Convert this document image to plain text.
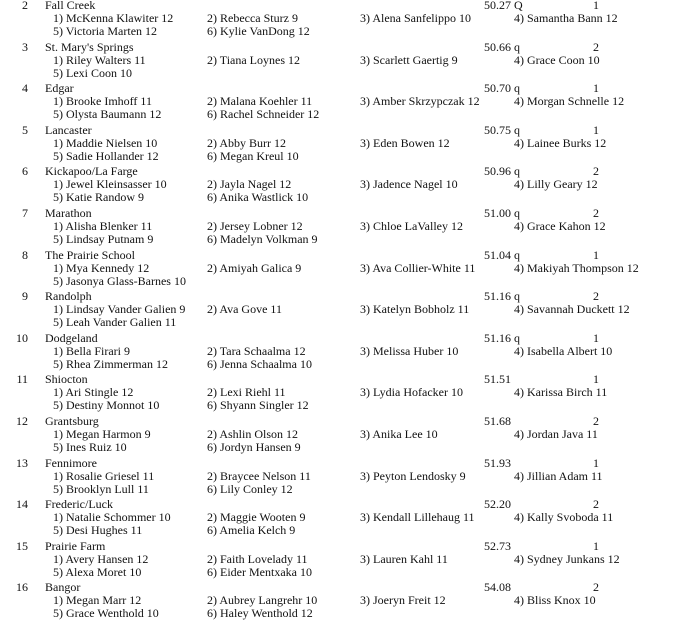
2 Fall Creek	50.27 Q	1
1) McKenna Klawiter 12	2) Rebecca Sturz 9	3) Alena Sanfelippo 10	4) Samantha Bann 12
5) Victoria Marten 12	6) Kylie VanDong 12
3 St. Mary's Springs	50.66 q	2
1) Riley Walters 11	2) Tiana Loynes 12	3) Scarlett Gaertig 9	4) Grace Coon 10
5) Lexi Coon 10
4 Edgar	50.70 q	1
1) Brooke Imhoff 11	2) Malana Koehler 11	3) Amber Skrzypczak 12	4) Morgan Schnelle 12
5) Olysta Baumann 12	6) Rachel Schneider 12
5 Lancaster	50.75 q	1
1) Maddie Nielsen 10	2) Abby Burr 12	3) Eden Bowen 12	4) Lainee Burks 12
5) Sadie Hollander 12	6) Megan Kreul 10
6 Kickapoo/La Farge	50.96 q	2
1) Jewel Kleinsasser 10	2) Jayla Nagel 12	3) Jadence Nagel 10	4) Lilly Geary 12
5) Katie Randow 9	6) Anika Wastlick 10
7 Marathon	51.00 q	2
1) Alisha Blenker 11	2) Jersey Lobner 12	3) Chloe LaValley 12	4) Grace Kahon 12
5) Lindsay Putnam 9	6) Madelyn Volkman 9
8 The Prairie School	51.04 q	1
1) Mya Kennedy 12	2) Amiyah Galica 9	3) Ava Collier-White 11	4) Makiyah Thompson 12
5) Jasonya Glass-Barnes 10
9 Randolph	51.16 q	2
1) Lindsay Vander Galien 9 2) Ava Gove 11	3) Katelyn Bobholz 11	4) Savannah Duckett 12
5) Leah Vander Galien 11
10 Dodgeland	51.16 q	1
1) Bella Firari 9	2) Tara Schaalma 12	3) Melissa Huber 10	4) Isabella Albert 10
5) Rhea Zimmerman 12	6) Jenna Schaalma 10
11 Shiocton	51.51	1
1) Ari Stingle 12	2) Lexi Riehl 11	3) Lydia Hofacker 10	4) Karissa Birch 11
5) Destiny Monnot 10	6) Shyann Singler 12
12 Grantsburg	51.68	2
1) Megan Harmon 9	2) Ashlin Olson 12	3) Anika Lee 10	4) Jordan Java 11
5) Ines Ruiz 10	6) Jordyn Hansen 9
13 Fennimore	51.93	1
1) Rosalie Griesel 11	2) Braycee Nelson 11	3) Peyton Lendosky 9	4) Jillian Adam 11
5) Brooklyn Lull 11	6) Lily Conley 12
14 Frederic/Luck	52.20	2
1) Natalie Schommer 10	2) Maggie Wooten 9	3) Kendall Lillehaug 11	4) Kally Svoboda 11
5) Desi Hughes 11	6) Amelia Kelch 9
15 Prairie Farm	52.73	1
1) Avery Hansen 12	2) Faith Lovelady 11	3) Lauren Kahl 11	4) Sydney Junkans 12
5) Alexa Moret 10	6) Eider Mentxaka 10
16 Bangor	54.08	2
1) Megan Marr 12	2) Aubrey Langrehr 10	3) Joeryn Freit 12	4) Bliss Knox 10
5) Grace Wenthold 10	6) Haley Wenthold 12
